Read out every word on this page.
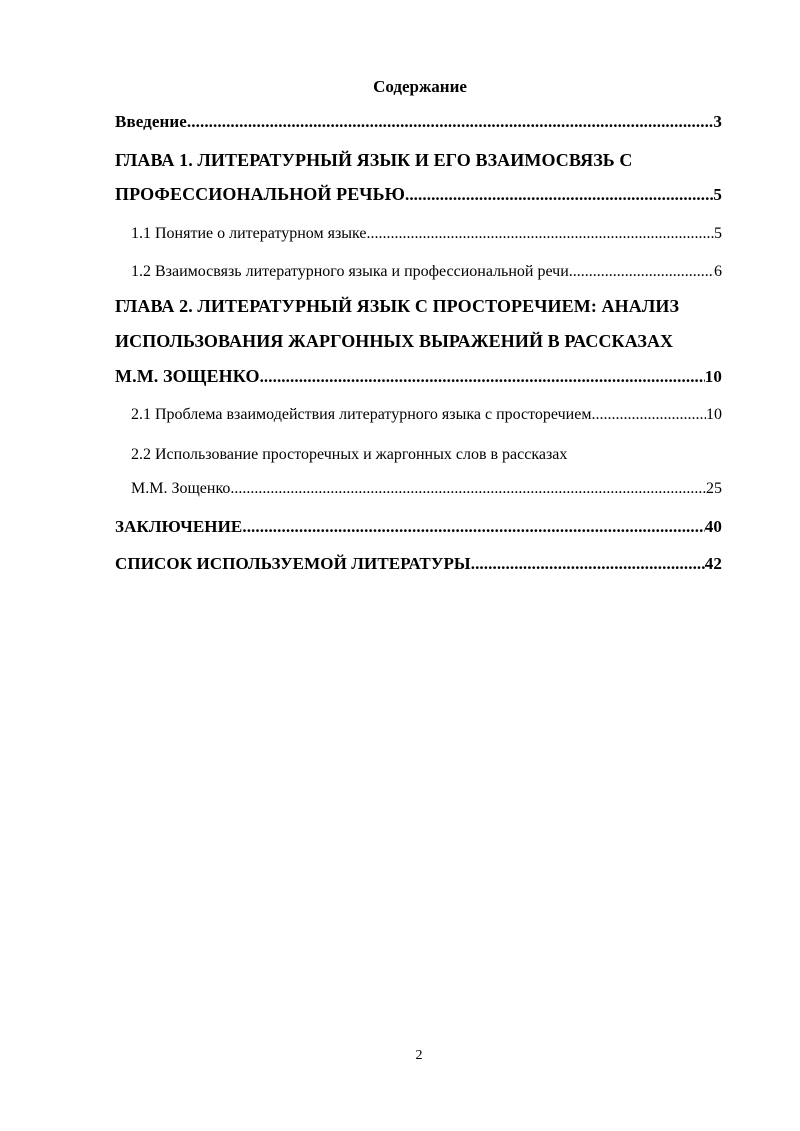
Содержание
Введение .....	3
ГЛАВА 1. ЛИТЕРАТУРНЫЙ ЯЗЫК И ЕГО ВЗАИМОСВЯЗЬ С
ПРОФЕССИОНАЛЬНОЙ РЕЧЬЮ .....	5
1.1 Понятие о литературном языке .....	5
1.2 Взаимосвязь литературного языка и профессиональной речи .....	6
ГЛАВА 2. ЛИТЕРАТУРНЫЙ ЯЗЫК С ПРОСТОРЕЧИЕМ: АНАЛИЗ
ИСПОЛЬЗОВАНИЯ ЖАРГОННЫХ ВЫРАЖЕНИЙ В РАССКАЗАХ
М.М. ЗОЩЕНКО .....	10
2.1 Проблема взаимодействия литературного языка с просторечием .....	10
2.2 Использование просторечных и жаргонных слов в рассказах
М.М. Зощенко .....	25
ЗАКЛЮЧЕНИЕ .....	40
СПИСОК ИСПОЛЬЗУЕМОЙ ЛИТЕРАТУРЫ .....	42
2
